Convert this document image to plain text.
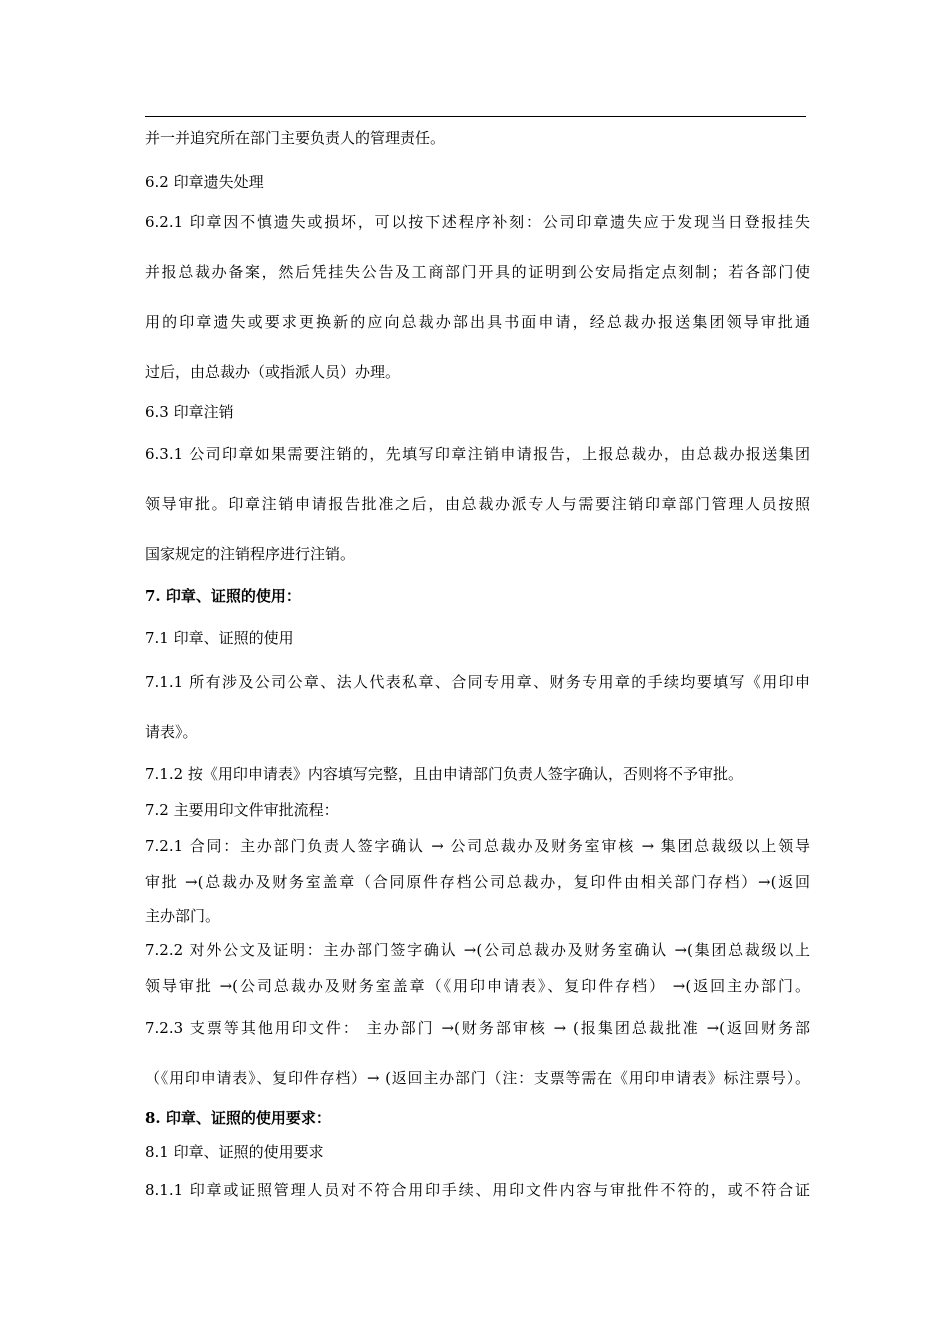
并一并追究所在部门主要负责人的管理责任。
6.2 印章遗失处理
6.2.1 印章因不慎遗失或损坏，可以按下述程序补刻：公司印章遗失应于发现当日登报挂失
并报总裁办备案，然后凭挂失公告及工商部门开具的证明到公安局指定点刻制；若各部门使
用的印章遗失或要求更换新的应向总裁办部出具书面申请，经总裁办报送集团领导审批通
过后，由总裁办（或指派人员）办理。
6.3 印章注销
6.3.1 公司印章如果需要注销的，先填写印章注销申请报告，上报总裁办，由总裁办报送集团
领导审批。印章注销申请报告批准之后，由总裁办派专人与需要注销印章部门管理人员按照
国家规定的注销程序进行注销。
7. 印章、证照的使用：
7.1 印章、证照的使用
7.1.1 所有涉及公司公章、法人代表私章、合同专用章、财务专用章的手续均要填写《用印申
请表》。
7.1.2 按《用印申请表》内容填写完整，且由申请部门负责人签字确认，否则将不予审批。
7.2 主要用印文件审批流程：
7.2.1 合同：主办部门负责人签字确认 → 公司总裁办及财务室审核 → 集团总裁级以上领导
审批 →(总裁办及财务室盖章（合同原件存档公司总裁办，复印件由相关部门存档）→(返回
主办部门。
7.2.2 对外公文及证明：主办部门签字确认 →(公司总裁办及财务室确认 →(集团总裁级以上
领导审批 →(公司总裁办及财务室盖章（《用印申请表》、复印件存档） →(返回主办部门。
7.2.3 支票等其他用印文件： 主办部门 →(财务部审核 → (报集团总裁批准 →(返回财务部
（《用印申请表》、复印件存档）→ (返回主办部门（注：支票等需在《用印申请表》标注票号）。
8. 印章、证照的使用要求：
8.1 印章、证照的使用要求
8.1.1 印章或证照管理人员对不符合用印手续、用印文件内容与审批件不符的，或不符合证
